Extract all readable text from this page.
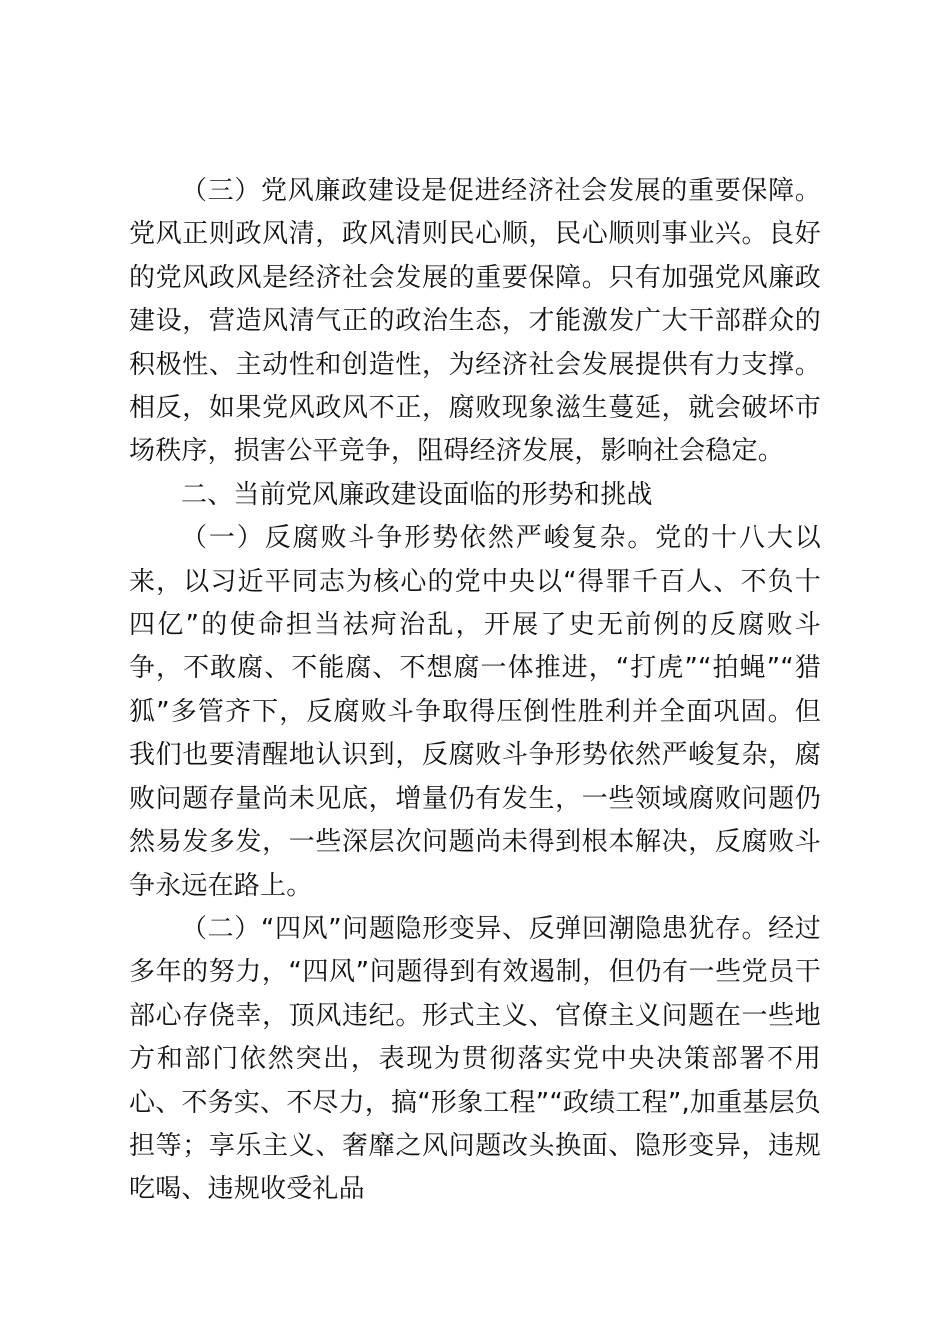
（三）党风廉政建设是促进经济社会发展的重要保障。党风正则政风清，政风清则民心顺，民心顺则事业兴。良好的党风政风是经济社会发展的重要保障。只有加强党风廉政建设，营造风清气正的政治生态，才能激发广大干部群众的积极性、主动性和创造性，为经济社会发展提供有力支撑。相反，如果党风政风不正，腐败现象滋生蔓延，就会破坏市场秩序，损害公平竞争，阻碍经济发展，影响社会稳定。

二、当前党风廉政建设面临的形势和挑战

（一）反腐败斗争形势依然严峻复杂。党的十八大以来，以习近平同志为核心的党中央以“得罪千百人、不负十四亿”的使命担当祛疴治乱，开展了史无前例的反腐败斗争，不敢腐、不能腐、不想腐一体推进，“打虎”“拍蝇”“猎狐”多管齐下，反腐败斗争取得压倒性胜利并全面巩固。但我们也要清醒地认识到，反腐败斗争形势依然严峻复杂，腐败问题存量尚未见底，增量仍有发生，一些领域腐败问题仍然易发多发，一些深层次问题尚未得到根本解决，反腐败斗争永远在路上。

（二）“四风”问题隐形变异、反弹回潮隐患犹存。经过多年的努力，“四风”问题得到有效遏制，但仍有一些党员干部心存侥幸，顶风违纪。形式主义、官僚主义问题在一些地方和部门依然突出，表现为贯彻落实党中央决策部署不用心、不务实、不尽力，搞“形象工程”“政绩工程”,加重基层负担等；享乐主义、奢靡之风问题改头换面、隐形变异，违规吃喝、违规收受礼品
